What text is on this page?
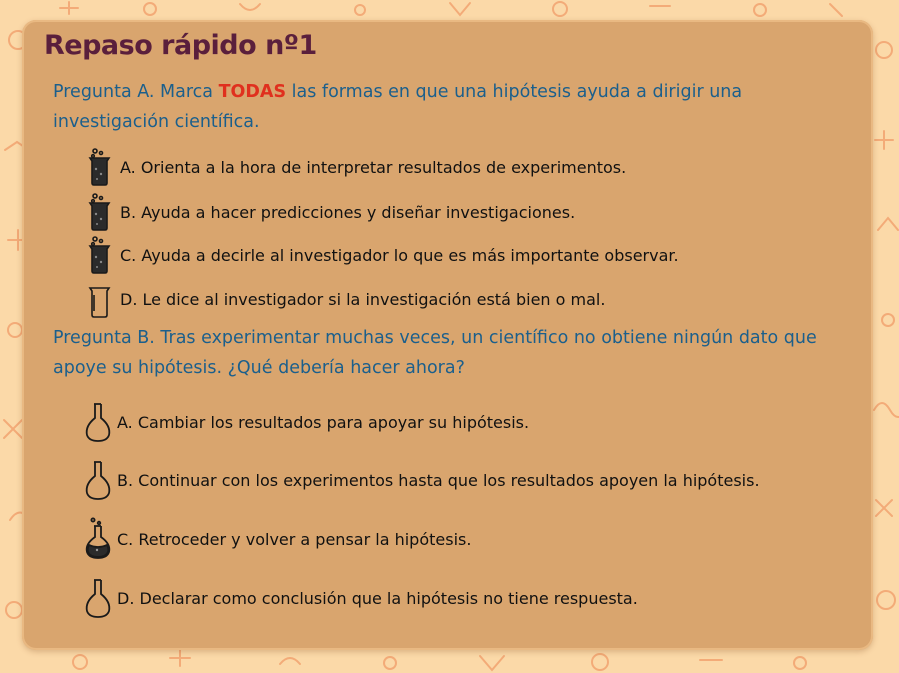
Repaso rápido nº1
Pregunta A. Marca TODAS las formas en que una hipótesis ayuda a dirigir una investigación científica.
A. Orienta a la hora de interpretar resultados de experimentos.
B. Ayuda a hacer predicciones y diseñar investigaciones.
C. Ayuda a decirle al investigador lo que es más importante observar.
D. Le dice al investigador si la investigación está bien o mal.
Pregunta B. Tras experimentar muchas veces, un científico no obtiene ningún dato que apoye su hipótesis. ¿Qué debería hacer ahora?
A. Cambiar los resultados para apoyar su hipótesis.
B. Continuar con los experimentos hasta que los resultados apoyen la hipótesis.
C. Retroceder y volver a pensar la hipótesis.
D. Declarar como conclusión que la hipótesis no tiene respuesta.
